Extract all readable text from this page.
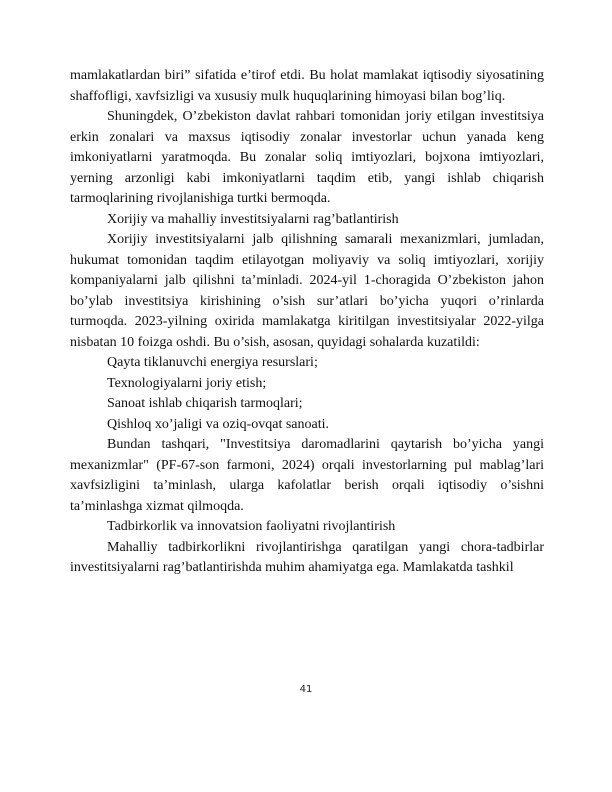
mamlakatlardan biri” sifatida e’tirof etdi. Bu holat mamlakat iqtisodiy siyosatining shaffofligi, xavfsizligi va xususiy mulk huquqlarining himoyasi bilan bog’liq.

Shuningdek, O’zbekiston davlat rahbari tomonidan joriy etilgan investitsiya erkin zonalari va maxsus iqtisodiy zonalar investorlar uchun yanada keng imkoniyatlarni yaratmoqda. Bu zonalar soliq imtiyozlari, bojxona imtiyozlari, yerning arzonligi kabi imkoniyatlarni taqdim etib, yangi ishlab chiqarish tarmoqlarining rivojlanishiga turtki bermoqda.

Xorijiy va mahalliy investitsiyalarni rag’batlantirish

Xorijiy investitsiyalarni jalb qilishning samarali mexanizmlari, jumladan, hukumat tomonidan taqdim etilayotgan moliyaviy va soliq imtiyozlari, xorijiy kompaniyalarni jalb qilishni ta’minladi. 2024-yil 1-choragida O’zbekiston jahon bo’ylab investitsiya kirishining o’sish sur’atlari bo’yicha yuqori o’rinlarda turmoqda. 2023-yilning oxirida mamlakatga kiritilgan investitsiyalar 2022-yilga nisbatan 10 foizga oshdi. Bu o’sish, asosan, quyidagi sohalarda kuzatildi:

Qayta tiklanuvchi energiya resurslari;

Texnologiyalarni joriy etish;

Sanoat ishlab chiqarish tarmoqlari;

Qishloq xo’jaligi va oziq-ovqat sanoati.

Bundan tashqari, "Investitsiya daromadlarini qaytarish bo’yicha yangi mexanizmlar" (PF-67-son farmoni, 2024) orqali investorlarning pul mablag’lari xavfsizligini ta’minlash, ularga kafolatlar berish orqali iqtisodiy o’sishni ta’minlashga xizmat qilmoqda.

Tadbirkorlik va innovatsion faoliyatni rivojlantirish

Mahalliy tadbirkorlikni rivojlantirishga qaratilgan yangi chora-tadbirlar investitsiyalarni rag’batlantirishda muhim ahamiyatga ega. Mamlakatda tashkil

41
